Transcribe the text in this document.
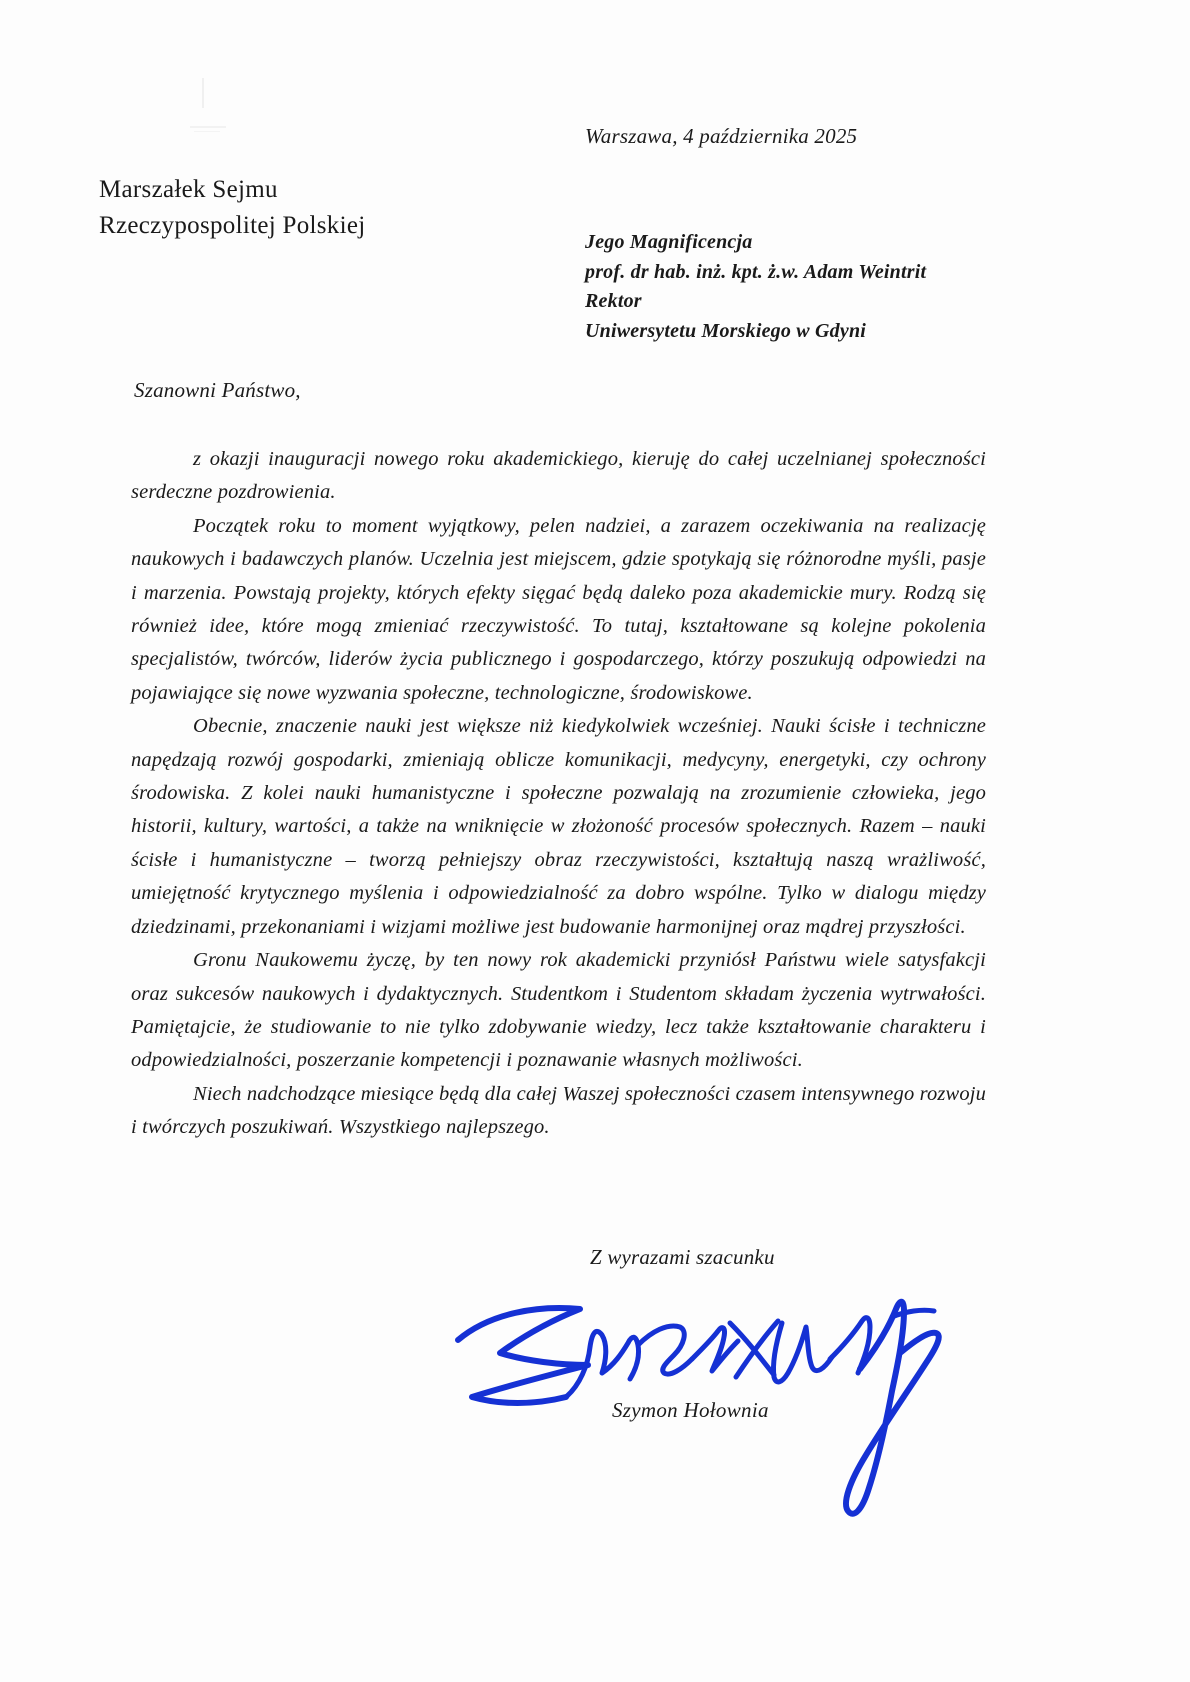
Warszawa, 4 października 2025
Marszałek Sejmu
Rzeczypospolitej Polskiej
Jego Magnificencja
prof. dr hab. inż. kpt. ż.w. Adam Weintrit
Rektor
Uniwersytetu Morskiego w Gdyni
Szanowni Państwo,

z okazji inauguracji nowego roku akademickiego, kieruję do całej uczelnianej społeczności serdeczne pozdrowienia.

Początek roku to moment wyjątkowy, pelen nadziei, a zarazem oczekiwania na realizację naukowych i badawczych planów. Uczelnia jest miejscem, gdzie spotykają się różnorodne myśli, pasje i marzenia. Powstają projekty, których efekty sięgać będą daleko poza akademickie mury. Rodzą się również idee, które mogą zmieniać rzeczywistość. To tutaj, kształtowane są kolejne pokolenia specjalistów, twórców, liderów życia publicznego i gospodarczego, którzy poszukują odpowiedzi na pojawiające się nowe wyzwania społeczne, technologiczne, środowiskowe.

Obecnie, znaczenie nauki jest większe niż kiedykolwiek wcześniej. Nauki ścisłe i techniczne napędzają rozwój gospodarki, zmieniają oblicze komunikacji, medycyny, energetyki, czy ochrony środowiska. Z kolei nauki humanistyczne i społeczne pozwalają na zrozumienie człowieka, jego historii, kultury, wartości, a także na wniknięcie w złożoność procesów społecznych. Razem – nauki ścisłe i humanistyczne – tworzą pełniejszy obraz rzeczywistości, kształtują naszą wrażliwość, umiejętność krytycznego myślenia i odpowiedzialność za dobro wspólne. Tylko w dialogu między dziedzinami, przekonaniami i wizjami możliwe jest budowanie harmonijnej oraz mądrej przyszłości.

Gronu Naukowemu życzę, by ten nowy rok akademicki przyniósł Państwu wiele satysfakcji oraz sukcesów naukowych i dydaktycznych. Studentkom i Studentom składam życzenia wytrwałości. Pamiętajcie, że studiowanie to nie tylko zdobywanie wiedzy, lecz także kształtowanie charakteru i odpowiedzialności, poszerzanie kompetencji i poznawanie własnych możliwości.

Niech nadchodzące miesiące będą dla całej Waszej społeczności czasem intensywnego rozwoju i twórczych poszukiwań. Wszystkiego najlepszego.

Z wyrazami szacunku
Szymon Hołownia
